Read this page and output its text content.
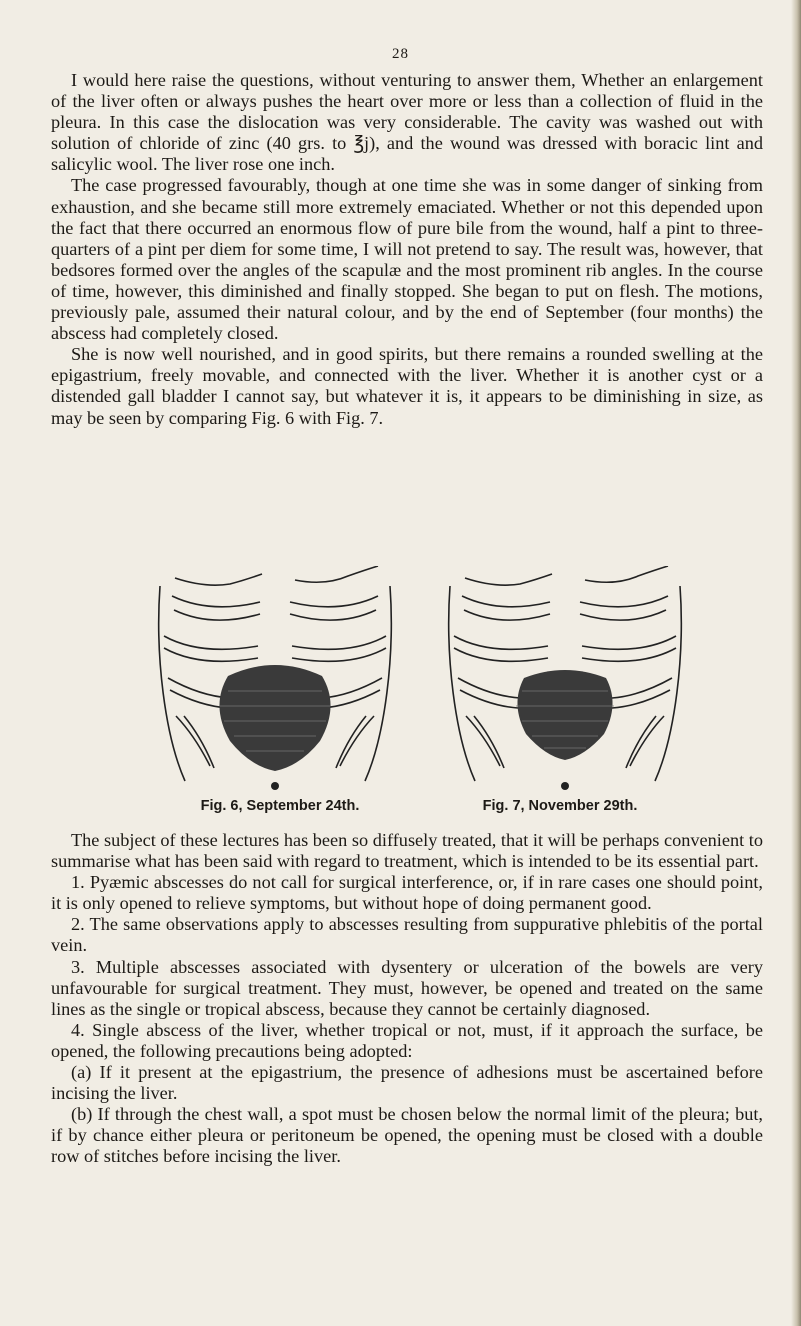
28

I would here raise the questions, without venturing to answer them, Whether an enlargement of the liver often or always pushes the heart over more or less than a collection of fluid in the pleura. In this case the dislocation was very considerable. The cavity was washed out with solution of chloride of zinc (40 grs. to ℥j), and the wound was dressed with boracic lint and salicylic wool. The liver rose one inch.

The case progressed favourably, though at one time she was in some danger of sinking from exhaustion, and she became still more extremely emaciated. Whether or not this depended upon the fact that there occurred an enormous flow of pure bile from the wound, half a pint to three-quarters of a pint per diem for some time, I will not pretend to say. The result was, however, that bedsores formed over the angles of the scapulæ and the most prominent rib angles. In the course of time, however, this diminished and finally stopped. She began to put on flesh. The motions, previously pale, assumed their natural colour, and by the end of September (four months) the abscess had completely closed.

She is now well nourished, and in good spirits, but there remains a rounded swelling at the epigastrium, freely movable, and connected with the liver. Whether it is another cyst or a distended gall bladder I cannot say, but whatever it is, it appears to be diminishing in size, as may be seen by comparing Fig. 6 with Fig. 7.

Fig. 6, September 24th.	Fig. 7, November 29th.

The subject of these lectures has been so diffusely treated, that it will be perhaps convenient to summarise what has been said with regard to treatment, which is intended to be its essential part.

1. Pyæmic abscesses do not call for surgical interference, or, if in rare cases one should point, it is only opened to relieve symptoms, but without hope of doing permanent good.

2. The same observations apply to abscesses resulting from suppurative phlebitis of the portal vein.

3. Multiple abscesses associated with dysentery or ulceration of the bowels are very unfavourable for surgical treatment. They must, however, be opened and treated on the same lines as the single or tropical abscess, because they cannot be certainly diagnosed.

4. Single abscess of the liver, whether tropical or not, must, if it approach the surface, be opened, the following precautions being adopted:

(a) If it present at the epigastrium, the presence of adhesions must be ascertained before incising the liver.

(b) If through the chest wall, a spot must be chosen below the normal limit of the pleura; but, if by chance either pleura or peritoneum be opened, the opening must be closed with a double row of stitches before incising the liver.
